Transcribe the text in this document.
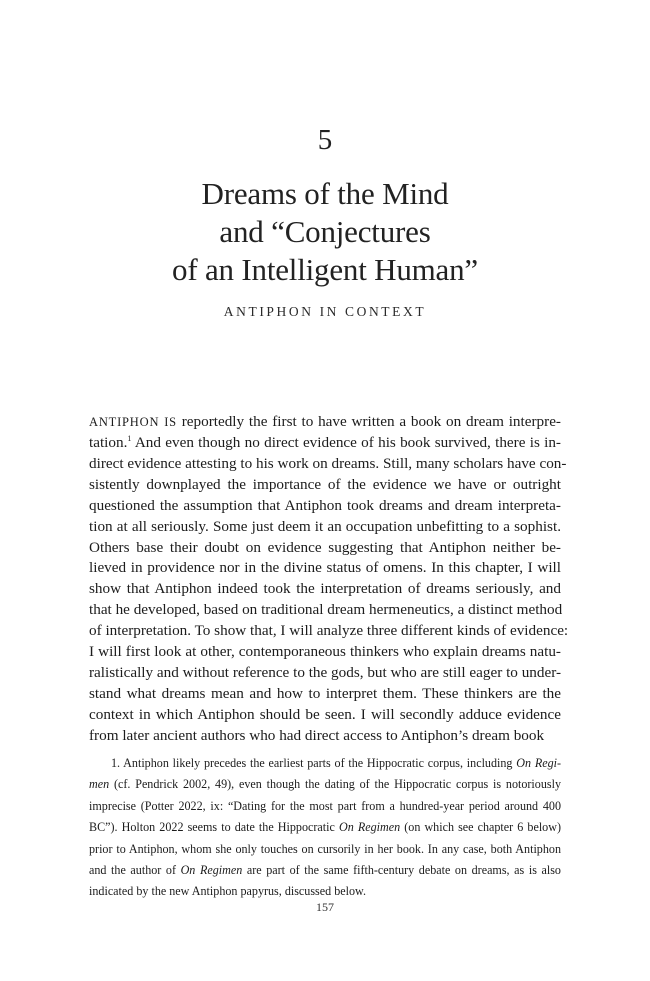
5
Dreams of the Mind
and “Conjectures
of an Intelligent Human”
ANTIPHON IN CONTEXT
ANTIPHON IS reportedly the first to have written a book on dream interpre-
tation.$^1$ And even though no direct evidence of his book survived, there is in-
direct evidence attesting to his work on dreams. Still, many scholars have con-
sistently downplayed the importance of the evidence we have or outright
questioned the assumption that Antiphon took dreams and dream interpreta-
tion at all seriously. Some just deem it an occupation unbefitting to a sophist.
Others base their doubt on evidence suggesting that Antiphon neither be-
lieved in providence nor in the divine status of omens. In this chapter, I will
show that Antiphon indeed took the interpretation of dreams seriously, and
that he developed, based on traditional dream hermeneutics, a distinct method
of interpretation. To show that, I will analyze three different kinds of evidence:
I will first look at other, contemporaneous thinkers who explain dreams natu-
ralistically and without reference to the gods, but who are still eager to under-
stand what dreams mean and how to interpret them. These thinkers are the
context in which Antiphon should be seen. I will secondly adduce evidence
from later ancient authors who had direct access to Antiphon’s dream book
1. Antiphon likely precedes the earliest parts of the Hippocratic corpus, including On Regi-
men (cf. Pendrick 2002, 49), even though the dating of the Hippocratic corpus is notoriously
imprecise (Potter 2022, ix: “Dating for the most part from a hundred-year period around 400
BC”). Holton 2022 seems to date the Hippocratic On Regimen (on which see chapter 6 below)
prior to Antiphon, whom she only touches on cursorily in her book. In any case, both Antiphon
and the author of On Regimen are part of the same fifth-century debate on dreams, as is also
indicated by the new Antiphon papyrus, discussed below.
157
